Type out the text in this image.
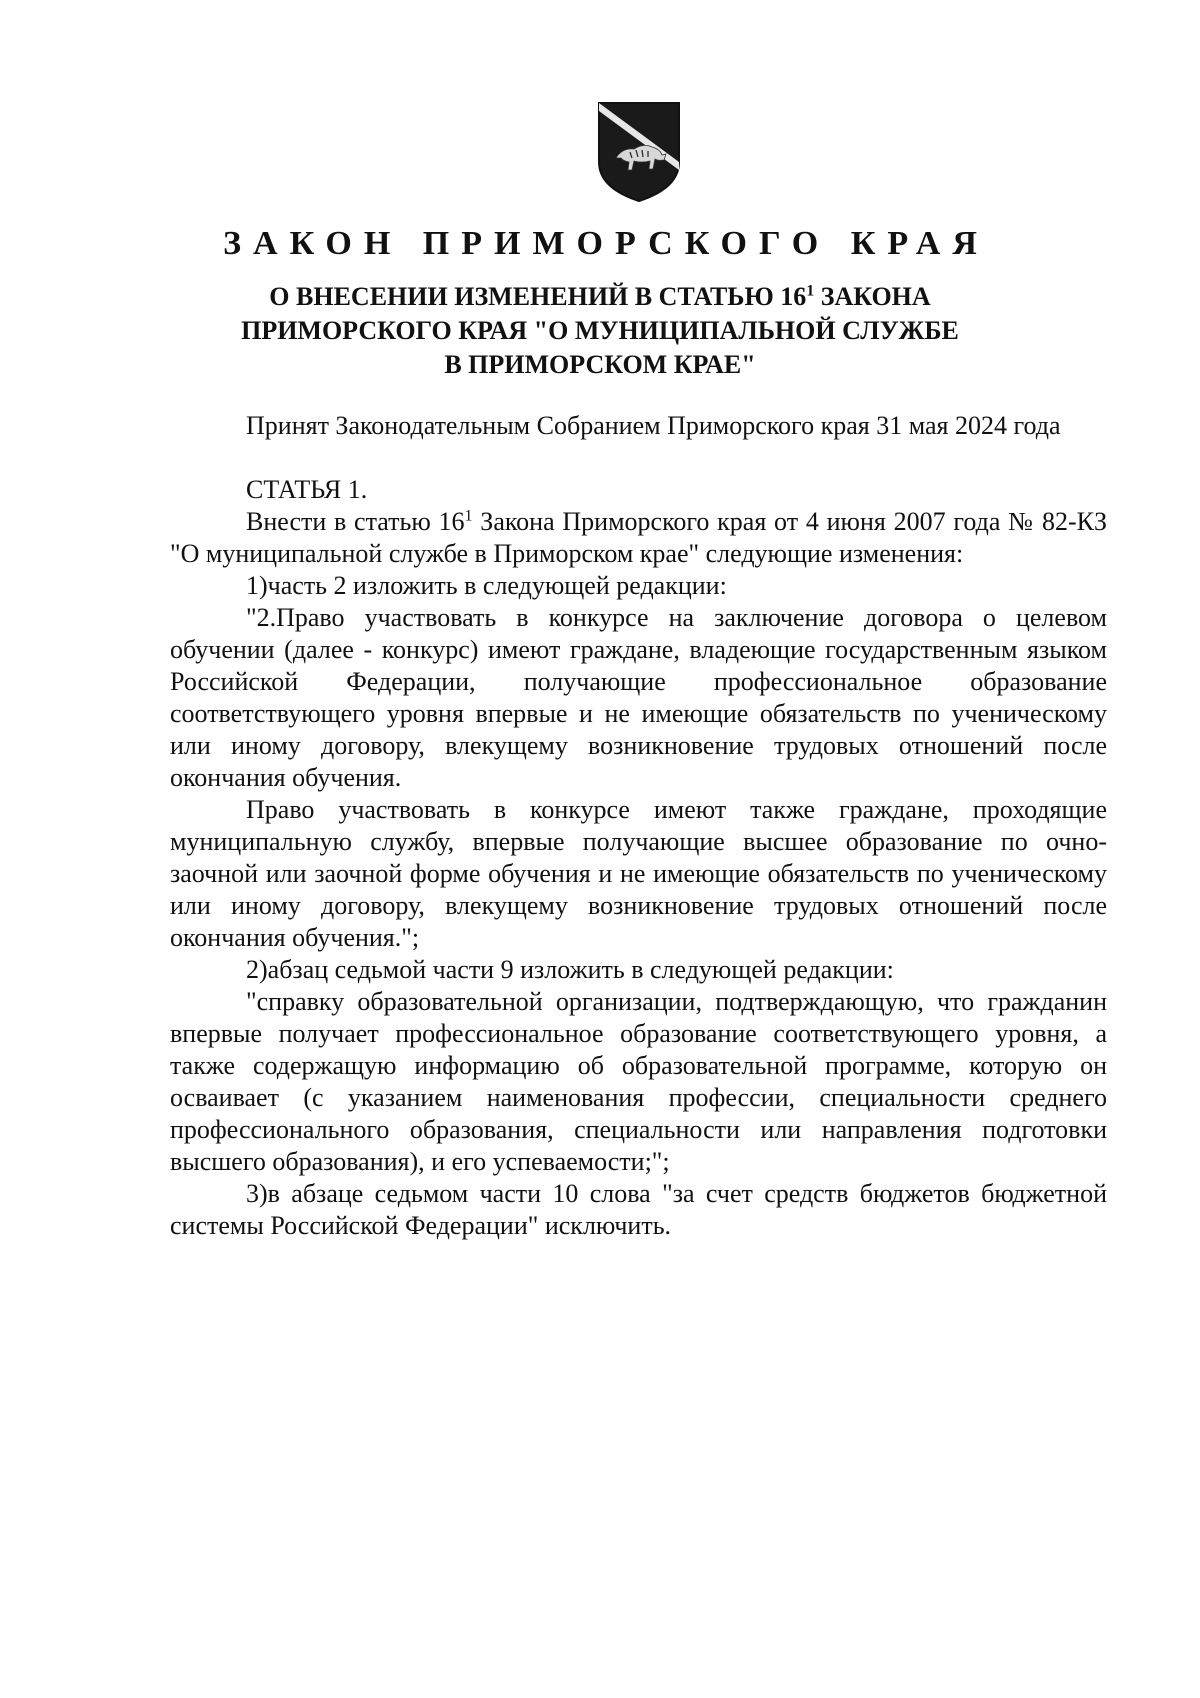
ЗАКОН ПРИМОРСКОГО КРАЯ
О ВНЕСЕНИИ ИЗМЕНЕНИЙ В СТАТЬЮ $16^1$ ЗАКОНА
ПРИМОРСКОГО КРАЯ "О МУНИЦИПАЛЬНОЙ СЛУЖБЕ
В ПРИМОРСКОМ КРАЕ"

Принят Законодательным Собранием Приморского края 31 мая 2024 года

СТАТЬЯ 1.

Внести в статью $16^1$ Закона Приморского края от 4 июня 2007 года № 82-КЗ "О муниципальной службе в Приморском крае" следующие изменения:

1)часть 2 изложить в следующей редакции:

"2.Право участвовать в конкурсе на заключение договора о целевом обучении (далее - конкурс) имеют граждане, владеющие государственным языком Российской Федерации, получающие профессиональное образование соответствующего уровня впервые и не имеющие обязательств по ученическому или иному договору, влекущему возникновение трудовых отношений после окончания обучения.

Право участвовать в конкурсе имеют также граждане, проходящие муниципальную службу, впервые получающие высшее образование по очно-заочной или заочной форме обучения и не имеющие обязательств по ученическому или иному договору, влекущему возникновение трудовых отношений после окончания обучения.";

2)абзац седьмой части 9 изложить в следующей редакции:

"справку образовательной организации, подтверждающую, что гражданин впервые получает профессиональное образование соответствующего уровня, а также содержащую информацию об образовательной программе, которую он осваивает (с указанием наименования профессии, специальности среднего профессионального образования, специальности или направления подготовки высшего образования), и его успеваемости;";

3)в абзаце седьмом части 10 слова "за счет средств бюджетов бюджетной системы Российской Федерации" исключить.
